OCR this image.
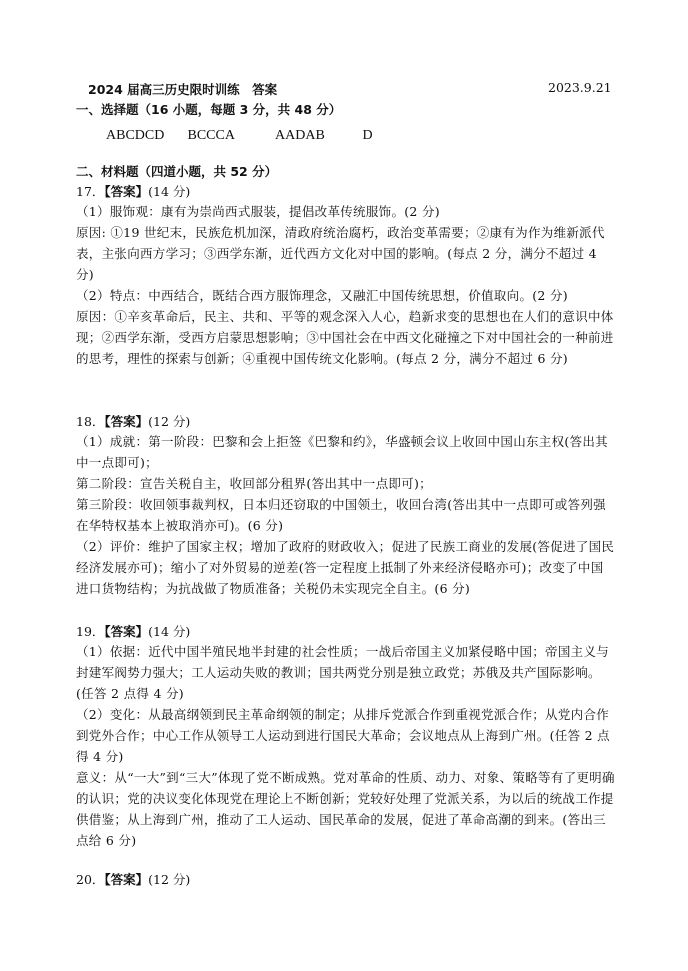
2024 届高三历史限时训练　答案	2023.9.21
一、选择题（16 小题，每题 3 分，共 48 分）
ABCDCD BCCCA	AADAB	D
二、材料题（四道小题，共 52 分）
17．【答案】(14 分)
（1）服饰观：康有为崇尚西式服装，提倡改革传统服饰。(2 分)
原因: ①19 世纪末，民族危机加深，清政府统治腐朽，政治变革需要；②康有为作为维新派代表，主张向西方学习；③西学东渐，近代西方文化对中国的影响。(每点 2 分，满分不超过 4 分)
（2）特点：中西结合，既结合西方服饰理念，又融汇中国传统思想，价值取向。(2 分)
原因：①辛亥革命后，民主、共和、平等的观念深入人心，趋新求变的思想也在人们的意识中体现；②西学东渐，受西方启蒙思想影响；③中国社会在中西文化碰撞之下对中国社会的一种前进的思考，理性的探索与创新；④重视中国传统文化影响。(每点 2 分，满分不超过 6 分)
18．【答案】(12 分)
（1）成就：第一阶段：巴黎和会上拒签《巴黎和约》，华盛顿会议上收回中国山东主权(答出其中一点即可)；
第二阶段：宣告关税自主，收回部分租界(答出其中一点即可)；
第三阶段：收回领事裁判权，日本归还窃取的中国领土，收回台湾(答出其中一点即可或答列强在华特权基本上被取消亦可)。(6 分)
（2）评价：维护了国家主权；增加了政府的财政收入；促进了民族工商业的发展(答促进了国民经济发展亦可)；缩小了对外贸易的逆差(答一定程度上抵制了外来经济侵略亦可)；改变了中国进口货物结构；为抗战做了物质准备；关税仍未实现完全自主。(6 分)
19．【答案】(14 分)
（1）依据：近代中国半殖民地半封建的社会性质；一战后帝国主义加紧侵略中国；帝国主义与封建军阀势力强大；工人运动失败的教训；国共两党分别是独立政党；苏俄及共产国际影响。(任答 2 点得 4 分)
（2）变化：从最高纲领到民主革命纲领的制定；从排斥党派合作到重视党派合作；从党内合作到党外合作；中心工作从领导工人运动到进行国民大革命；会议地点从上海到广州。(任答 2 点得 4 分)
意义：从“一大”到“三大”体现了党不断成熟。党对革命的性质、动力、对象、策略等有了更明确的认识；党的决议变化体现党在理论上不断创新；党较好处理了党派关系，为以后的统战工作提供借鉴；从上海到广州，推动了工人运动、国民革命的发展，促进了革命高潮的到来。(答出三点给 6 分)
20．【答案】(12 分)
